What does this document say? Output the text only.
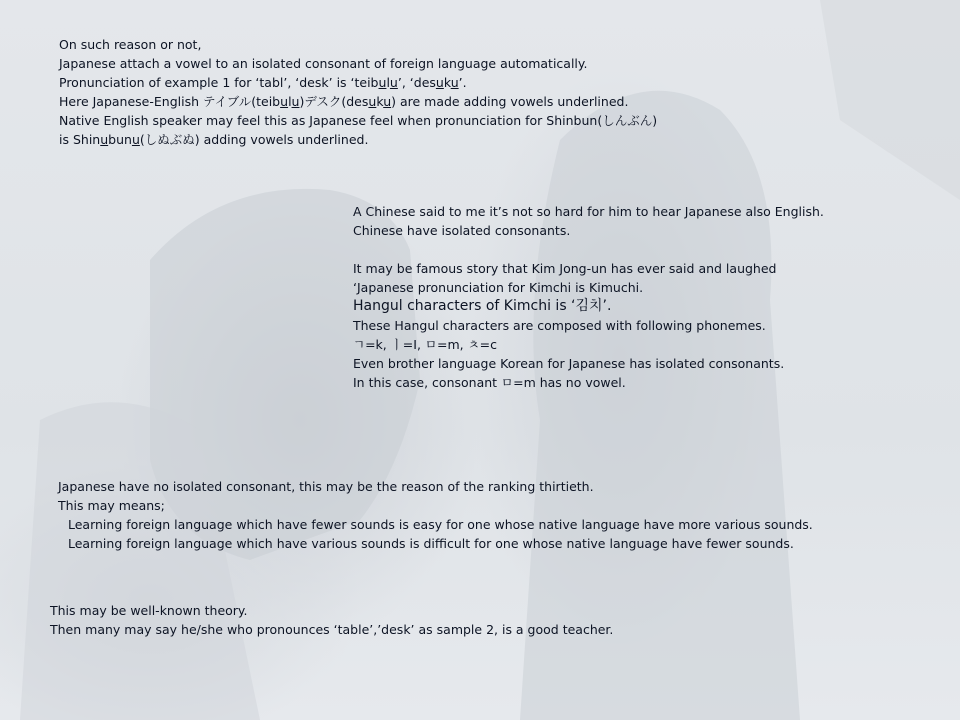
On such reason or not,
Japanese attach a vowel to an isolated consonant of foreign language automatically.
Pronunciation of example 1 for ‘tabl’, ‘desk’ is ‘teibulu’, ‘desuku’.
Here Japanese-English テイブル(teibulu)デスク(desuku) are made adding vowels underlined.
Native English speaker may feel this as Japanese feel when pronunciation for Shinbun(しんぶん)
is Shinubunu(しぬぶぬ) adding vowels underlined.
A Chinese said to me it’s not so hard for him to hear Japanese also English.
Chinese have isolated consonants.
It may be famous story that Kim Jong-un has ever said and laughed
‘Japanese pronunciation for Kimchi is Kimuchi.
Hangul characters of Kimchi is ‘김치’.
These Hangul characters are composed with following phonemes.
ㄱ=k, ㅣ=I, ㅁ=m, ㅊ=c
Even brother language Korean for Japanese has isolated consonants.
In this case, consonant ㅁ=m has no vowel.
Japanese have no isolated consonant, this may be the reason of the ranking thirtieth.
This may means;
Learning foreign language which have fewer sounds is easy for one whose native language have more various sounds.
Learning foreign language which have various sounds is difficult for one whose native language have fewer sounds.
This may be well-known theory.
Then many may say he/she who pronounces ‘table’,’desk’ as sample 2, is a good teacher.
